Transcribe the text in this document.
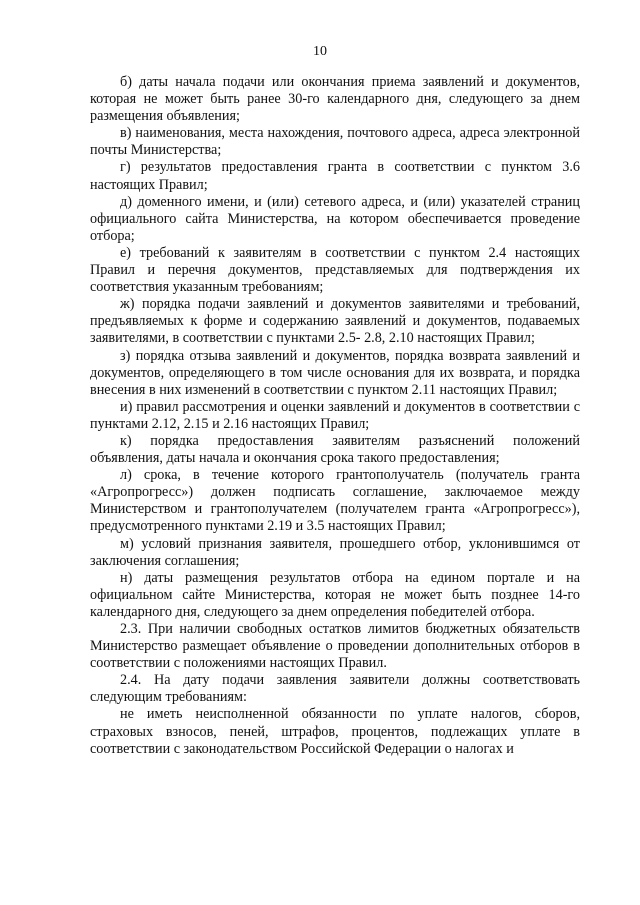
10

б) даты начала подачи или окончания приема заявлений и документов, которая не может быть ранее 30-го календарного дня, следующего за днем размещения объявления;

в) наименования, места нахождения, почтового адреса, адреса электронной почты Министерства;

г) результатов предоставления гранта в соответствии с пунктом 3.6 настоящих Правил;

д) доменного имени, и (или) сетевого адреса, и (или) указателей страниц официального сайта Министерства, на котором обеспечивается проведение отбора;

е) требований к заявителям в соответствии с пунктом 2.4 настоящих Правил и перечня документов, представляемых для подтверждения их соответствия указанным требованиям;

ж) порядка подачи заявлений и документов заявителями и требований, предъявляемых к форме и содержанию заявлений и документов, подаваемых заявителями, в соответствии с пунктами 2.5- 2.8, 2.10 настоящих Правил;

з) порядка отзыва заявлений и документов, порядка возврата заявлений и документов, определяющего в том числе основания для их возврата, и порядка внесения в них изменений в соответствии с пунктом 2.11 настоящих Правил;

и) правил рассмотрения и оценки заявлений и документов в соответствии с пунктами 2.12, 2.15 и 2.16 настоящих Правил;

к) порядка предоставления заявителям разъяснений положений объявления, даты начала и окончания срока такого предоставления;

л) срока, в течение которого грантополучатель (получатель гранта «Агропрогресс») должен подписать соглашение, заключаемое между Министерством и грантополучателем (получателем гранта «Агропрогресс»), предусмотренного пунктами 2.19 и 3.5 настоящих Правил;

м) условий признания заявителя, прошедшего отбор, уклонившимся от заключения соглашения;

н) даты размещения результатов отбора на едином портале и на официальном сайте Министерства, которая не может быть позднее 14-го календарного дня, следующего за днем определения победителей отбора.

2.3. При наличии свободных остатков лимитов бюджетных обязательств Министерство размещает объявление о проведении дополнительных отборов в соответствии с положениями настоящих Правил.

2.4. На дату подачи заявления заявители должны соответствовать следующим требованиям:

не иметь неисполненной обязанности по уплате налогов, сборов, страховых взносов, пеней, штрафов, процентов, подлежащих уплате в соответствии с законодательством Российской Федерации о налогах и
